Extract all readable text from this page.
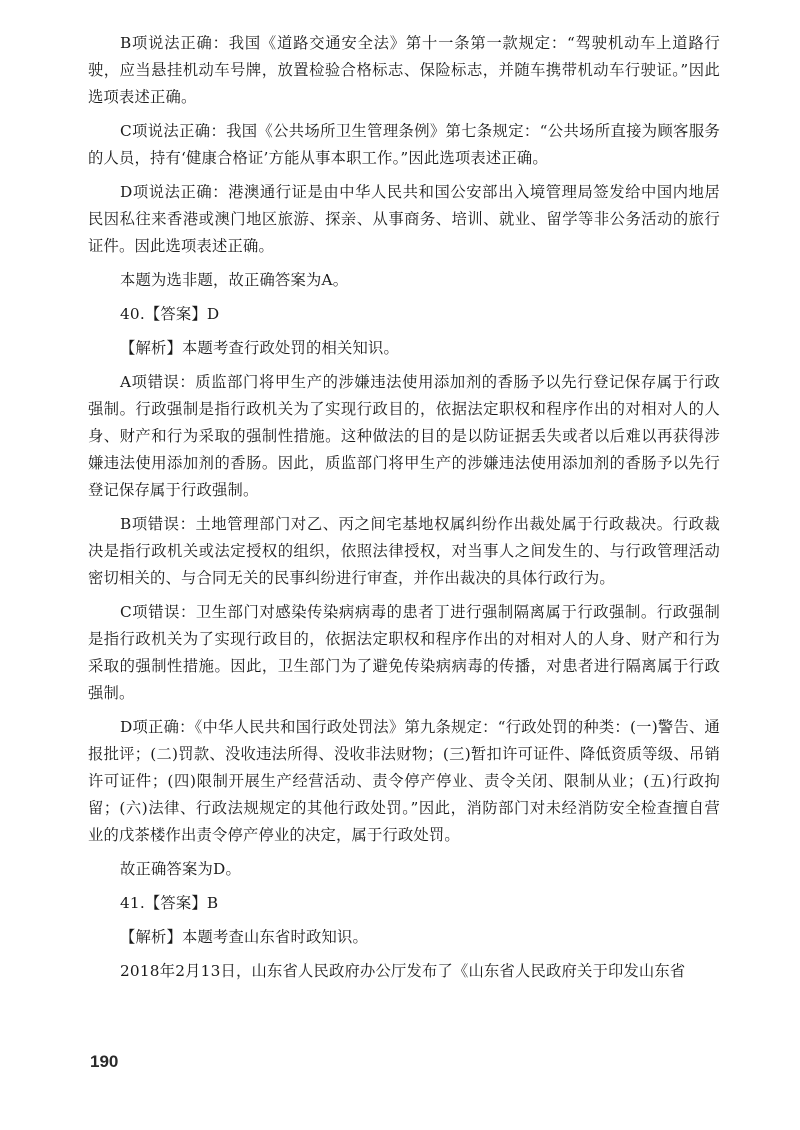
B项说法正确：我国《道路交通安全法》第十一条第一款规定：“驾驶机动车上道路行驶，应当悬挂机动车号牌，放置检验合格标志、保险标志，并随车携带机动车行驶证。”因此选项表述正确。

C项说法正确：我国《公共场所卫生管理条例》第七条规定：“公共场所直接为顾客服务的人员，持有‘健康合格证’方能从事本职工作。”因此选项表述正确。

D项说法正确：港澳通行证是由中华人民共和国公安部出入境管理局签发给中国内地居民因私往来香港或澳门地区旅游、探亲、从事商务、培训、就业、留学等非公务活动的旅行证件。因此选项表述正确。

本题为选非题，故正确答案为A。

40.【答案】D

【解析】本题考查行政处罚的相关知识。

A项错误：质监部门将甲生产的涉嫌违法使用添加剂的香肠予以先行登记保存属于行政强制。行政强制是指行政机关为了实现行政目的，依据法定职权和程序作出的对相对人的人身、财产和行为采取的强制性措施。这种做法的目的是以防证据丢失或者以后难以再获得涉嫌违法使用添加剂的香肠。因此，质监部门将甲生产的涉嫌违法使用添加剂的香肠予以先行登记保存属于行政强制。

B项错误：土地管理部门对乙、丙之间宅基地权属纠纷作出裁处属于行政裁决。行政裁决是指行政机关或法定授权的组织，依照法律授权，对当事人之间发生的、与行政管理活动密切相关的、与合同无关的民事纠纷进行审查，并作出裁决的具体行政行为。

C项错误：卫生部门对感染传染病病毒的患者丁进行强制隔离属于行政强制。行政强制是指行政机关为了实现行政目的，依据法定职权和程序作出的对相对人的人身、财产和行为采取的强制性措施。因此，卫生部门为了避免传染病病毒的传播，对患者进行隔离属于行政强制。

D项正确：《中华人民共和国行政处罚法》第九条规定：“行政处罚的种类：(一)警告、通报批评；(二)罚款、没收违法所得、没收非法财物；(三)暂扣许可证件、降低资质等级、吊销许可证件；(四)限制开展生产经营活动、责令停产停业、责令关闭、限制从业；(五)行政拘留；(六)法律、行政法规规定的其他行政处罚。”因此，消防部门对未经消防安全检查擅自营业的戊茶楼作出责令停产停业的决定，属于行政处罚。

故正确答案为D。

41.【答案】B

【解析】本题考查山东省时政知识。

2018年2月13日，山东省人民政府办公厅发布了《山东省人民政府关于印发山东省

190
